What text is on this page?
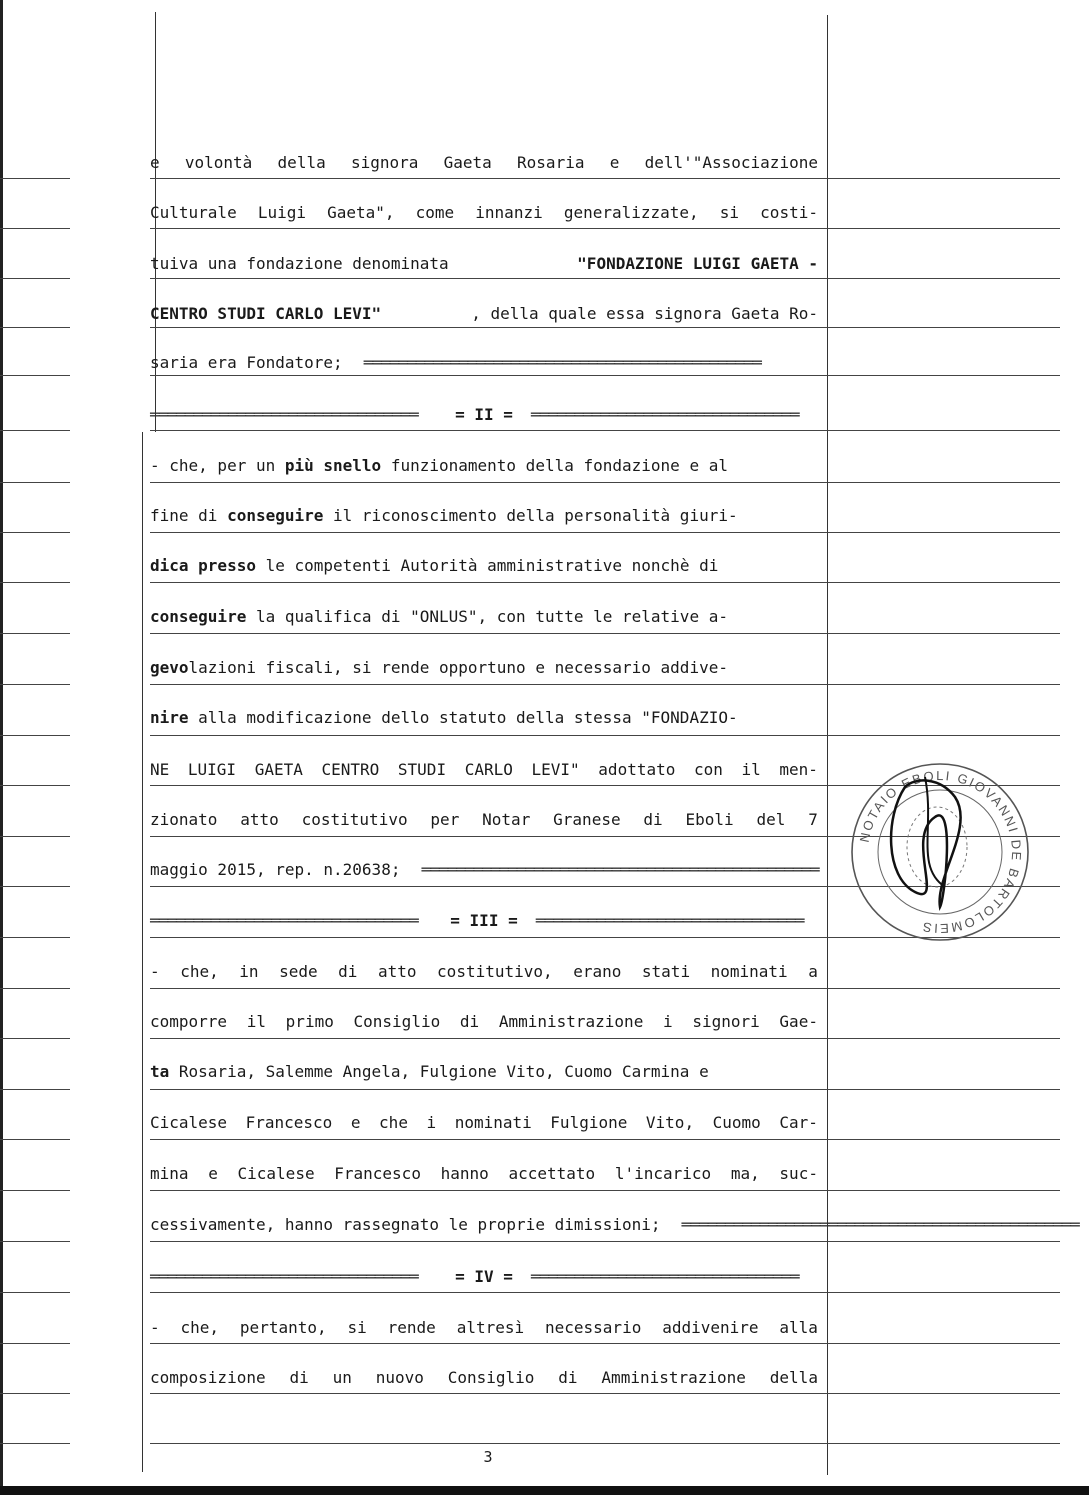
e volontà della signora Gaeta Rosaria e dell'"Associazione
Culturale Luigi Gaeta", come innanzi generalizzate, si costi-
tuiva una fondazione denominata	"FONDAZIONE LUIGI GAETA -
CENTRO STUDI CARLO LEVI"	, della quale essa signora Gaeta Ro-
saria era Fondatore; ══════════════════════════════════════════════
═══════════════════════════════	= II =	═══════════════════════════════
- che, per un più snello funzionamento della fondazione e al
fine di conseguire il riconoscimento della personalità giuri-
dica presso le competenti Autorità amministrative nonchè di
conseguire la qualifica di "ONLUS", con tutte le relative a-
gevolazioni fiscali, si rende opportuno e necessario addive-
nire alla modificazione dello statuto della stessa "FONDAZIO-
NE LUIGI GAETA CENTRO STUDI CARLO LEVI" adottato con il men-
zionato atto costitutivo per Notar Granese di Eboli del 7
maggio 2015, rep. n.20638; ══════════════════════════════════════════════
═══════════════════════════════	= III =	═══════════════════════════════
- che, in sede di atto costitutivo, erano stati nominati a
comporre il primo Consiglio di Amministrazione i signori Gae-
ta Rosaria, Salemme Angela, Fulgione Vito, Cuomo Carmina e
Cicalese Francesco e che i nominati Fulgione Vito, Cuomo Car-
mina e Cicalese Francesco hanno accettato l'incarico ma, suc-
cessivamente, hanno rassegnato le proprie dimissioni; ══════════════════════════════════════════════
═══════════════════════════════	= IV =	═══════════════════════════════
- che, pertanto, si rende altresì necessario addivenire alla
composizione di un nuovo Consiglio di Amministrazione della
3
NOTAIO EBOLI GIOVANNI DE BARTOLOMEIS
